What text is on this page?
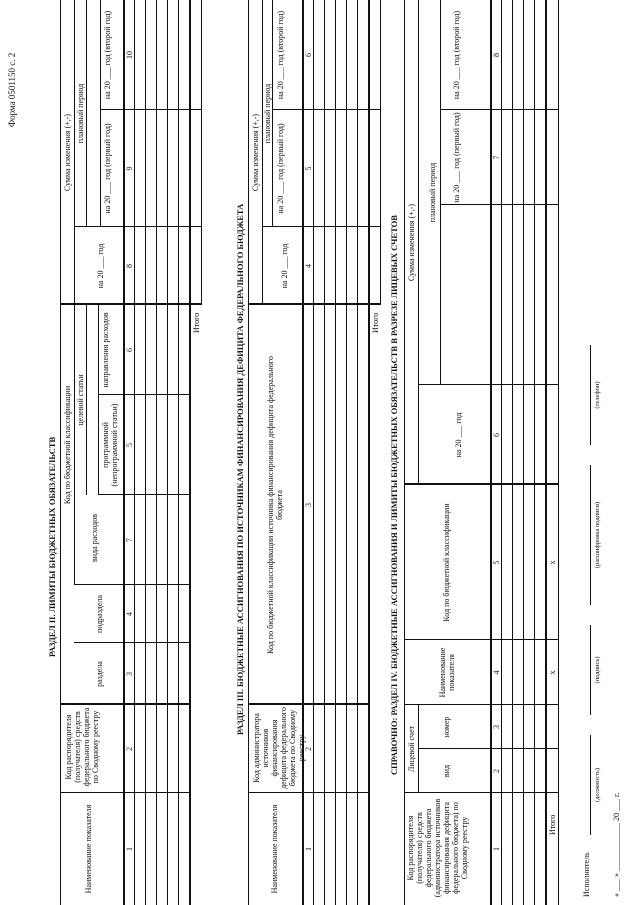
Форма 0501150 с. 2
РАЗДЕЛ II. ЛИМИТЫ БЮДЖЕТНЫХ ОБЯЗАТЕЛЬСТВ
Наименование показателя
Код распорядителя (получателя) средств федерального бюджета по Сводному реестру
Код по бюджетной классификации
раздела
подраздела
целевой статьи
программной (непрограммной статьи)
направления расходов
вида расходов
Сумма изменения (+,-)
на 20 ___ год
плановый период
на 20 ___ год (первый год)
на 20 ___ год (второй год)
1
2
3
4
5
6
7
8
9
10
Итого	РАЗДЕЛ III. БЮДЖЕТНЫЕ АССИГНОВАНИЯ ПО ИСТОЧНИКАМ ФИНАНСИРОВАНИЯ ДЕФИЦИТА ФЕДЕРАЛЬНОГО БЮДЖЕТА
Наименование показателя
Код администратора источников финансирования дефицита федерального бюджета по Сводному реестру
Код по бюджетной классификации источника финансирования дефицита федерального бюджета
Сумма изменения (+,-)
на 20 ___ год
плановый период
на 20 ___ год (первый год)
на 20 ___ год (второй год)
1
2
3
4
5
6
Итого СПРАВОЧНО: РАЗДЕЛ IV. БЮДЖЕТНЫЕ АССИГНОВАНИЯ И ЛИМИТЫ БЮДЖЕТНЫХ ОБЯЗАТЕЛЬСТВ В РАЗРЕЗЕ ЛИЦЕВЫХ СЧЕТОВ
Код распорядителя (получателя) средств федерального бюджета (администратора источников финансирования дефицита федерального бюджета) по Сводному реестру
Лицевой счет	вид
номер
Наименование показателя
Код по бюджетной классификации
Сумма изменения (+,-)
на 20 ___ год
плановый период на 20 ___ год (первый год)
на 20 ___ год (второй год)
1
2
3
4
5
6
7
8
Итого
х
х
Исполнитель
(должность)
(подпись)
(расшифровка подписи)
(телефон)
« ___ » ____________ 20 ___ г.
